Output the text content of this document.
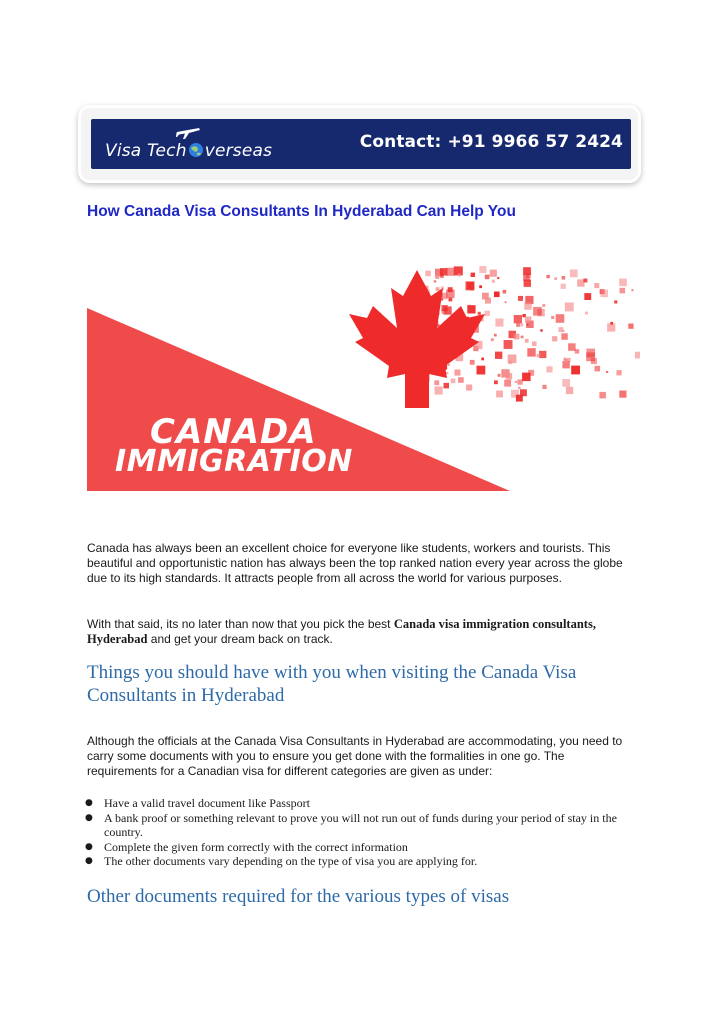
Visa Tech verseas	Contact: +91 9966 57 2424
How Canada Visa Consultants In Hyderabad Can Help You
CANADA
IMMIGRATION

Canada has always been an excellent choice for everyone like students, workers and tourists. This beautiful and opportunistic nation has always been the top ranked nation every year across the globe due to its high standards. It attracts people from all across the world for various purposes.

With that said, its no later than now that you pick the best Canada visa immigration consultants, Hyderabad and get your dream back on track.

Things you should have with you when visiting the Canada Visa Consultants in Hyderabad

Although the officials at the Canada Visa Consultants in Hyderabad are accommodating, you need to carry some documents with you to ensure you get done with the formalities in one go. The requirements for a Canadian visa for different categories are given as under:

● Have a valid travel document like Passport
● A bank proof or something relevant to prove you will not run out of funds during your period of stay in the country.
● Complete the given form correctly with the correct information
● The other documents vary depending on the type of visa you are applying for.
Other documents required for the various types of visas
